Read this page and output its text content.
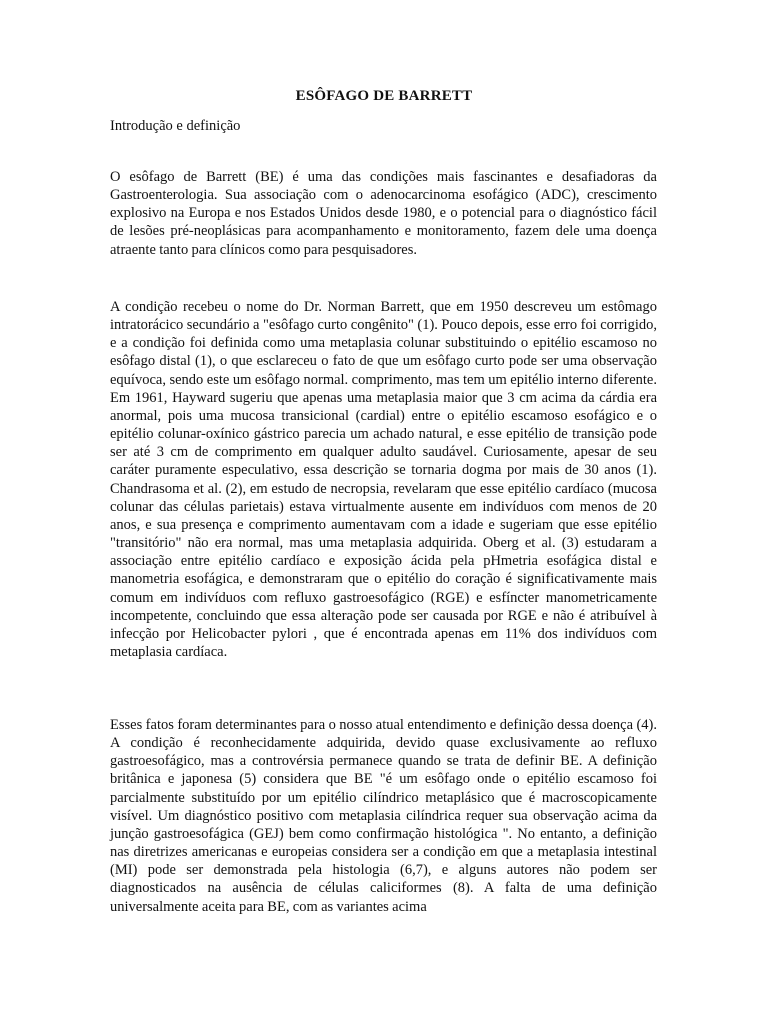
ESÔFAGO DE BARRETT
Introdução e definição

O esôfago de Barrett (BE) é uma das condições mais fascinantes e desafiadoras da Gastroenterologia. Sua associação com o adenocarcinoma esofágico (ADC), crescimento explosivo na Europa e nos Estados Unidos desde 1980, e o potencial para o diagnóstico fácil de lesões pré-neoplásicas para acompanhamento e monitoramento, fazem dele uma doença atraente tanto para clínicos como para pesquisadores.

A condição recebeu o nome do Dr. Norman Barrett, que em 1950 descreveu um estômago intratorácico secundário a "esôfago curto congênito" (1). Pouco depois, esse erro foi corrigido, e a condição foi definida como uma metaplasia colunar substituindo o epitélio escamoso no esôfago distal (1), o que esclareceu o fato de que um esôfago curto pode ser uma observação equívoca, sendo este um esôfago normal. comprimento, mas tem um epitélio interno diferente. Em 1961, Hayward sugeriu que apenas uma metaplasia maior que 3 cm acima da cárdia era anormal, pois uma mucosa transicional (cardial) entre o epitélio escamoso esofágico e o epitélio colunar-oxínico gástrico parecia um achado natural, e esse epitélio de transição pode ser até 3 cm de comprimento em qualquer adulto saudável. Curiosamente, apesar de seu caráter puramente especulativo, essa descrição se tornaria dogma por mais de 30 anos (1). Chandrasoma et al. (2), em estudo de necropsia, revelaram que esse epitélio cardíaco (mucosa colunar das células parietais) estava virtualmente ausente em indivíduos com menos de 20 anos, e sua presença e comprimento aumentavam com a idade e sugeriam que esse epitélio "transitório" não era normal, mas uma metaplasia adquirida. Oberg et al. (3) estudaram a associação entre epitélio cardíaco e exposição ácida pela pHmetria esofágica distal e manometria esofágica, e demonstraram que o epitélio do coração é significativamente mais comum em indivíduos com refluxo gastroesofágico (RGE) e esfíncter manometricamente incompetente, concluindo que essa alteração pode ser causada por RGE e não é atribuível à infecção por Helicobacter pylori , que é encontrada apenas em 11% dos indivíduos com metaplasia cardíaca.

Esses fatos foram determinantes para o nosso atual entendimento e definição dessa doença (4). A condição é reconhecidamente adquirida, devido quase exclusivamente ao refluxo gastroesofágico, mas a controvérsia permanece quando se trata de definir BE. A definição britânica e japonesa (5) considera que BE "é um esôfago onde o epitélio escamoso foi parcialmente substituído por um epitélio cilíndrico metaplásico que é macroscopicamente visível. Um diagnóstico positivo com metaplasia cilíndrica requer sua observação acima da junção gastroesofágica (GEJ) bem como confirmação histológica ". No entanto, a definição nas diretrizes americanas e europeias considera ser a condição em que a metaplasia intestinal (MI) pode ser demonstrada pela histologia (6,7), e alguns autores não podem ser diagnosticados na ausência de células caliciformes (8). A falta de uma definição universalmente aceita para BE, com as variantes acima
